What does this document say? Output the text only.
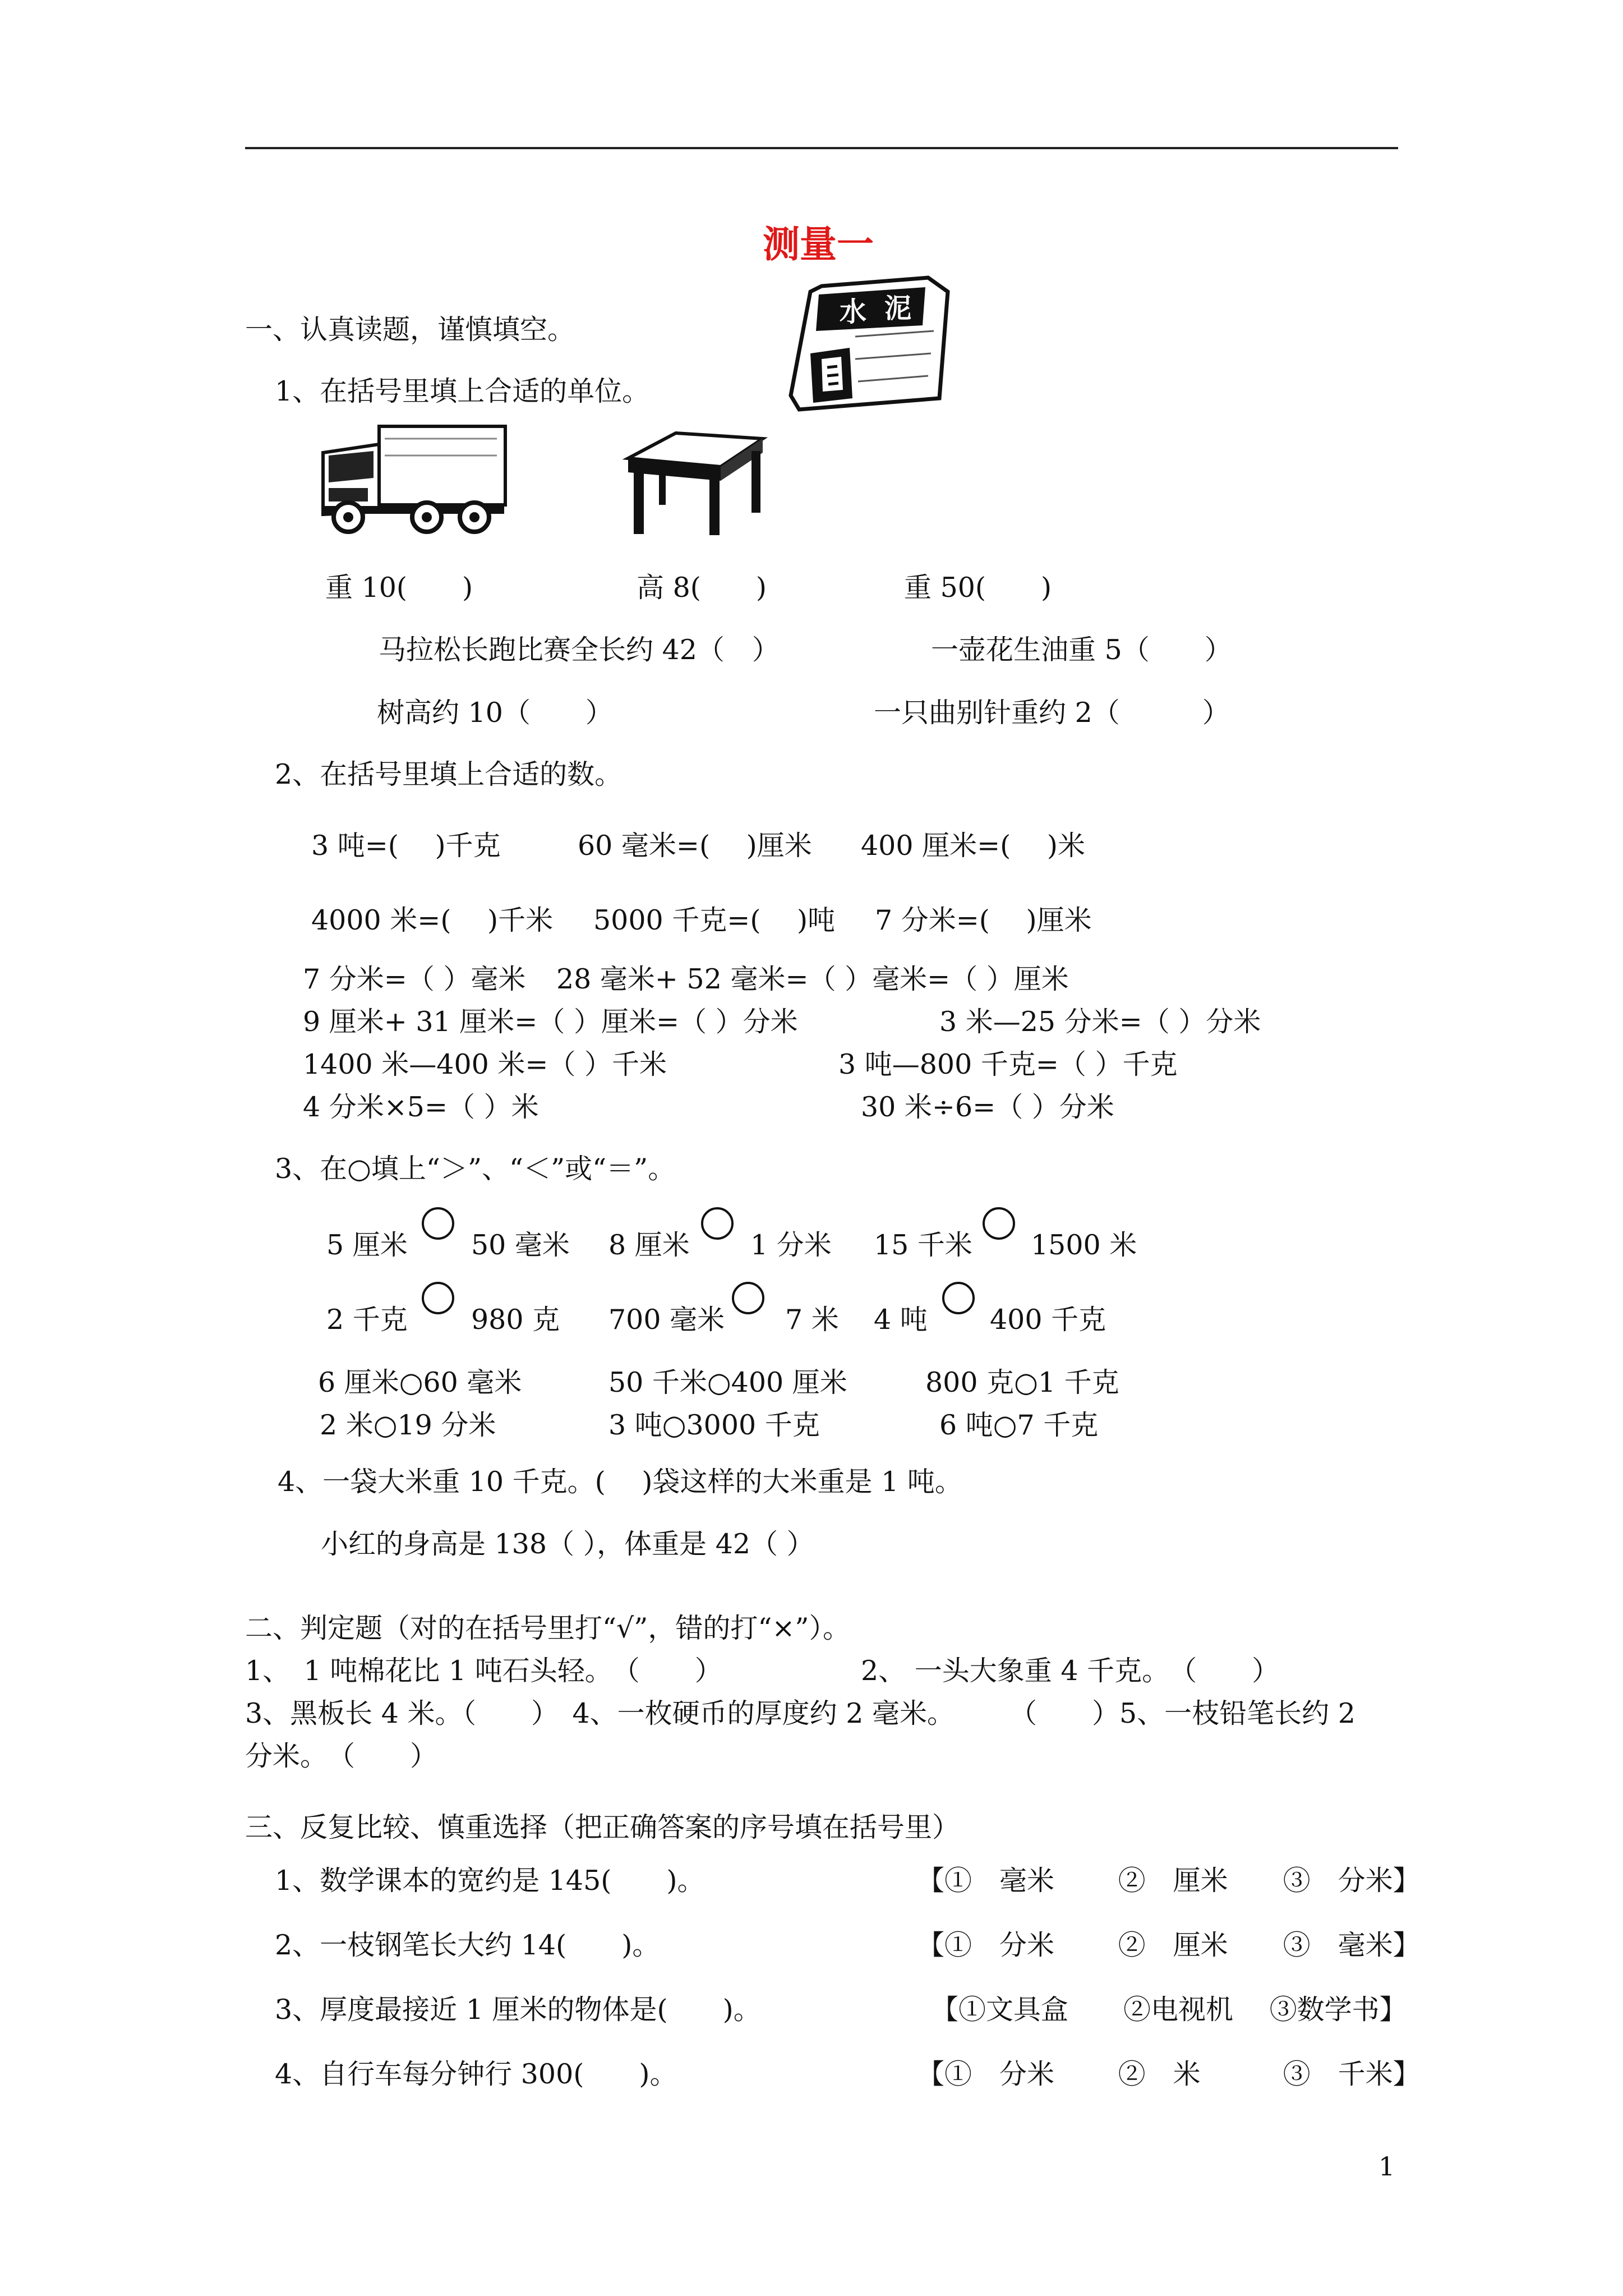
测量一
水 泥
一、认真读题，谨慎填空。
1、在括号里填上合适的单位。
重 10(　　)	高 8(　　)	重 50(　　)
马拉松长跑比赛全长约 42（　）	一壶花生油重 5（　　）
树高约 10（　　）	一只曲别针重约 2（　　　）
2、在括号里填上合适的数。
3 吨=(　 )千克	60 毫米=(　 )厘米 400 厘米=(　 )米
4000 米=(　 )千米 5000 千克=(　 )吨 7 分米=(　 )厘米
7 分米=（ ）毫米 28 毫米+ 52 毫米=（ ）毫米=（ ）厘米
9 厘米+ 31 厘米=（ ）厘米=（ ）分米	3 米—25 分米=（ ）分米
1400 米—400 米=（ ）千米	3 吨—800 千克=（ ）千克
4 分米×5=（ ）米	30 米÷6=（ ）分米
3、在○填上“＞”、“＜”或“＝”。
5 厘米 50 毫米 8 厘米 1 分米 15 千米 1500 米
2 千克 980 克 700 毫米 7 米 4 吨 400 千克
6 厘米○60 毫米	50 千米○400 厘米	800 克○1 千克
2 米○19 分米	3 吨○3000 千克	6 吨○7 千克
4、一袋大米重 10 千克。(　 )袋这样的大米重是 1 吨。
小红的身高是 138（ ），体重是 42（ ）
二、判定题（对的在括号里打“√”，错的打“×”）。
1、　1 吨棉花比 1 吨石头轻。　（　　）	2、 一头大象重 4 千克。　（　　）
3、黑板长 4 米。（　　）　4、一枚硬币的厚度约 2 毫米。　　　（　　）5、一枝铅笔长约 2
分米。　（　　）
三、反复比较、慎重选择（把正确答案的序号填在括号里）
1、数学课本的宽约是 145(　　)。	【①　毫米　　 ②　厘米　　③　分米】
2、一枝钢笔长大约 14(　　)。	【①　分米　　 ②　厘米　　③　毫米】
3、厚度最接近 1 厘米的物体是(　　)。	【①文具盒　　②电视机　 ③数学书】
4、自行车每分钟行 300(　　)。	【①　分米　　 ②　米　　　③　千米】
1
